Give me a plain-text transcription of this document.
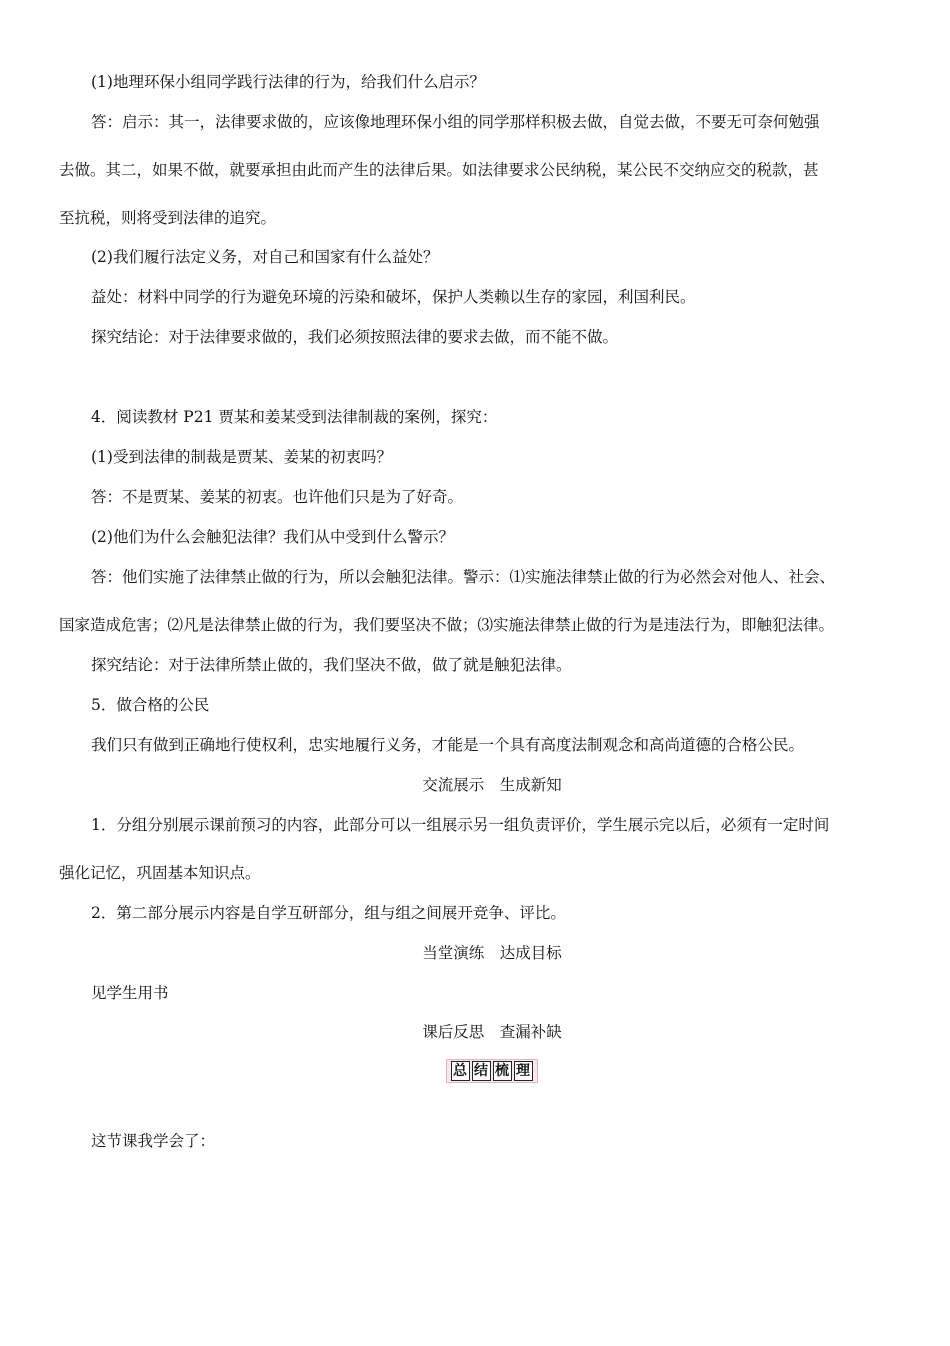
(1)地理环保小组同学践行法律的行为，给我们什么启示？
答：启示：其一，法律要求做的，应该像地理环保小组的同学那样积极去做，自觉去做，不要无可奈何勉强
去做。其二，如果不做，就要承担由此而产生的法律后果。如法律要求公民纳税，某公民不交纳应交的税款，甚
至抗税，则将受到法律的追究。
(2)我们履行法定义务，对自己和国家有什么益处？
益处：材料中同学的行为避免环境的污染和破坏，保护人类赖以生存的家园，利国利民。
探究结论：对于法律要求做的，我们必须按照法律的要求去做，而不能不做。
4．阅读教材 P21 贾某和姜某受到法律制裁的案例，探究：
(1)受到法律的制裁是贾某、姜某的初衷吗？
答：不是贾某、姜某的初衷。也许他们只是为了好奇。
(2)他们为什么会触犯法律？我们从中受到什么警示？
答：他们实施了法律禁止做的行为，所以会触犯法律。警示：⑴实施法律禁止做的行为必然会对他人、社会、
国家造成危害；⑵凡是法律禁止做的行为，我们要坚决不做；⑶实施法律禁止做的行为是违法行为，即触犯法律。
探究结论：对于法律所禁止做的，我们坚决不做，做了就是触犯法律。
5．做合格的公民
我们只有做到正确地行使权利，忠实地履行义务，才能是一个具有高度法制观念和高尚道德的合格公民。
交流展示　生成新知
1．分组分别展示课前预习的内容，此部分可以一组展示另一组负责评价，学生展示完以后，必须有一定时间
强化记忆，巩固基本知识点。
2．第二部分展示内容是自学互研部分，组与组之间展开竞争、评比。
当堂演练　达成目标
见学生用书
课后反思　查漏补缺
这节课我学会了：
总 结 梳 理
